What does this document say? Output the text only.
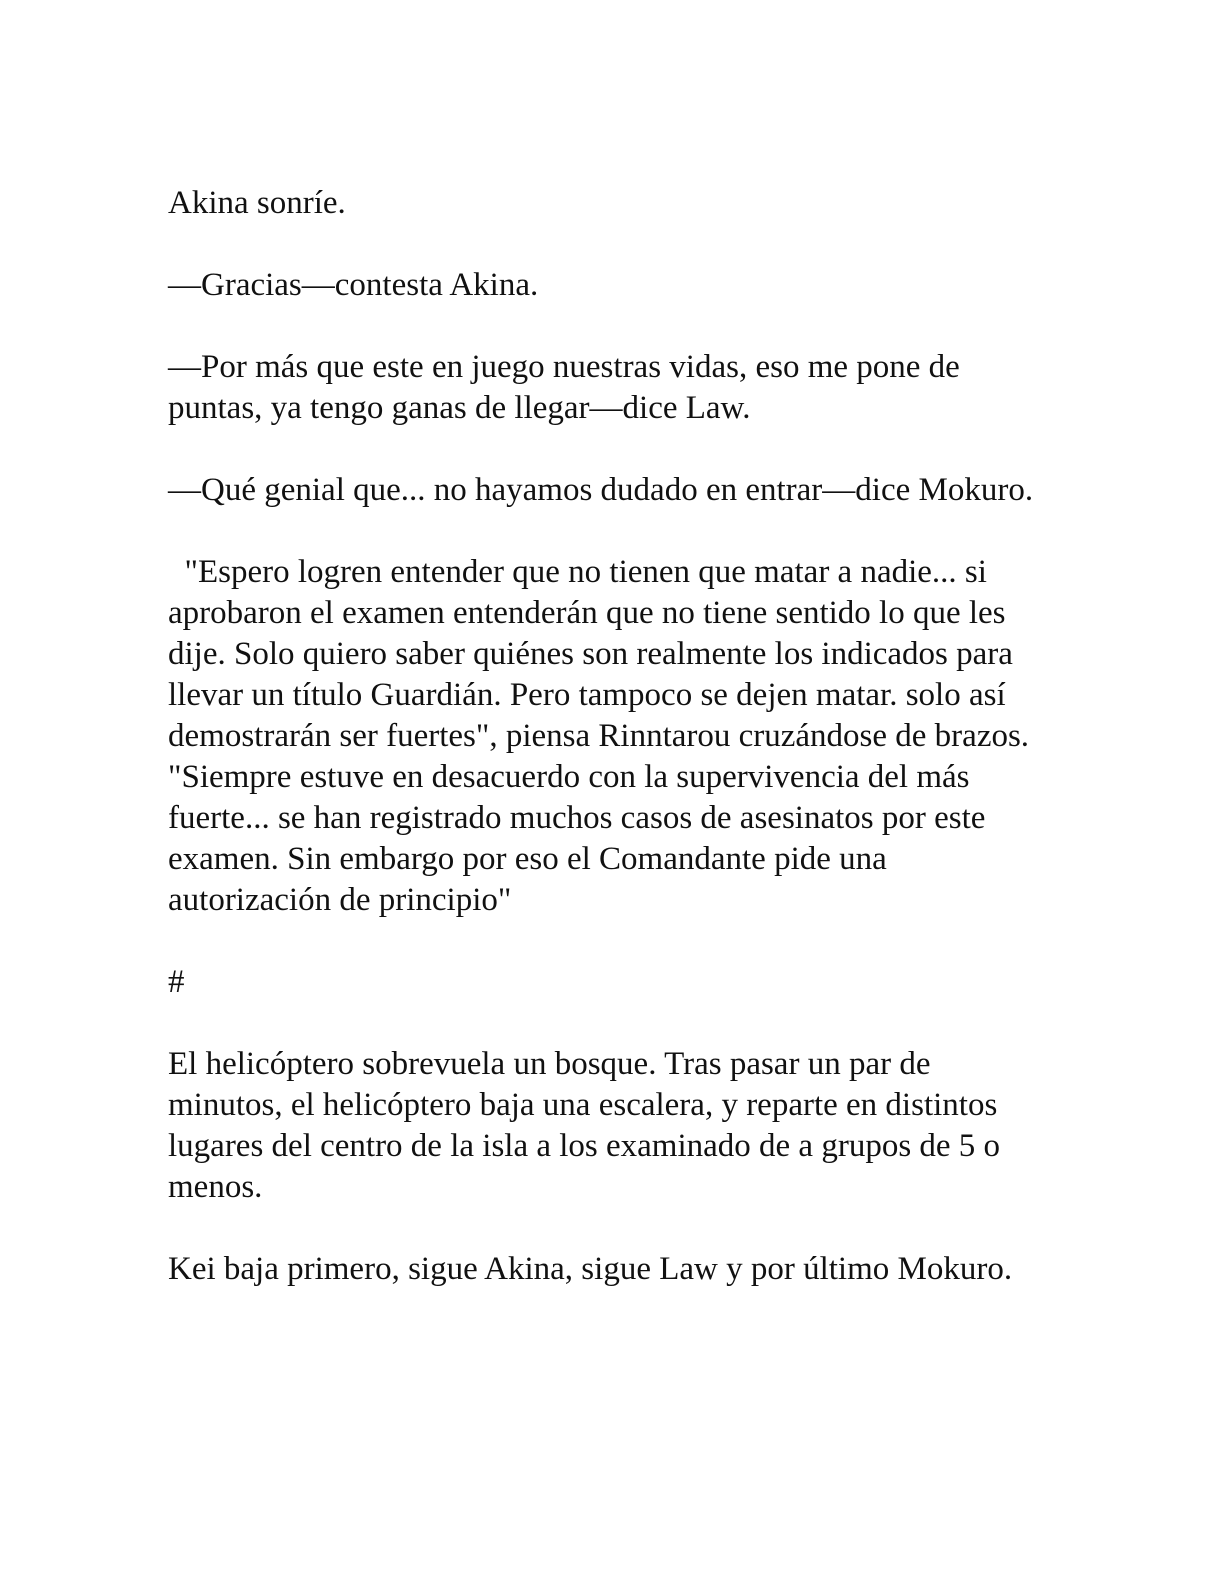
Akina sonríe.

—Gracias—contesta Akina.

—Por más que este en juego nuestras vidas, eso me pone de puntas, ya tengo ganas de llegar—dice Law.

—Qué genial que... no hayamos dudado en entrar—dice Mokuro.

"Espero logren entender que no tienen que matar a nadie... si aprobaron el examen entenderán que no tiene sentido lo que les dije. Solo quiero saber quiénes son realmente los indicados para llevar un título Guardián. Pero tampoco se dejen matar. solo así demostrarán ser fuertes", piensa Rinntarou cruzándose de brazos. "Siempre estuve en desacuerdo con la supervivencia del más fuerte... se han registrado muchos casos de asesinatos por este examen. Sin embargo por eso el Comandante pide una autorización de principio"

#

El helicóptero sobrevuela un bosque. Tras pasar un par de minutos, el helicóptero baja una escalera, y reparte en distintos lugares del centro de la isla a los examinado de a grupos de 5 o menos.

Kei baja primero, sigue Akina, sigue Law y por último Mokuro.
